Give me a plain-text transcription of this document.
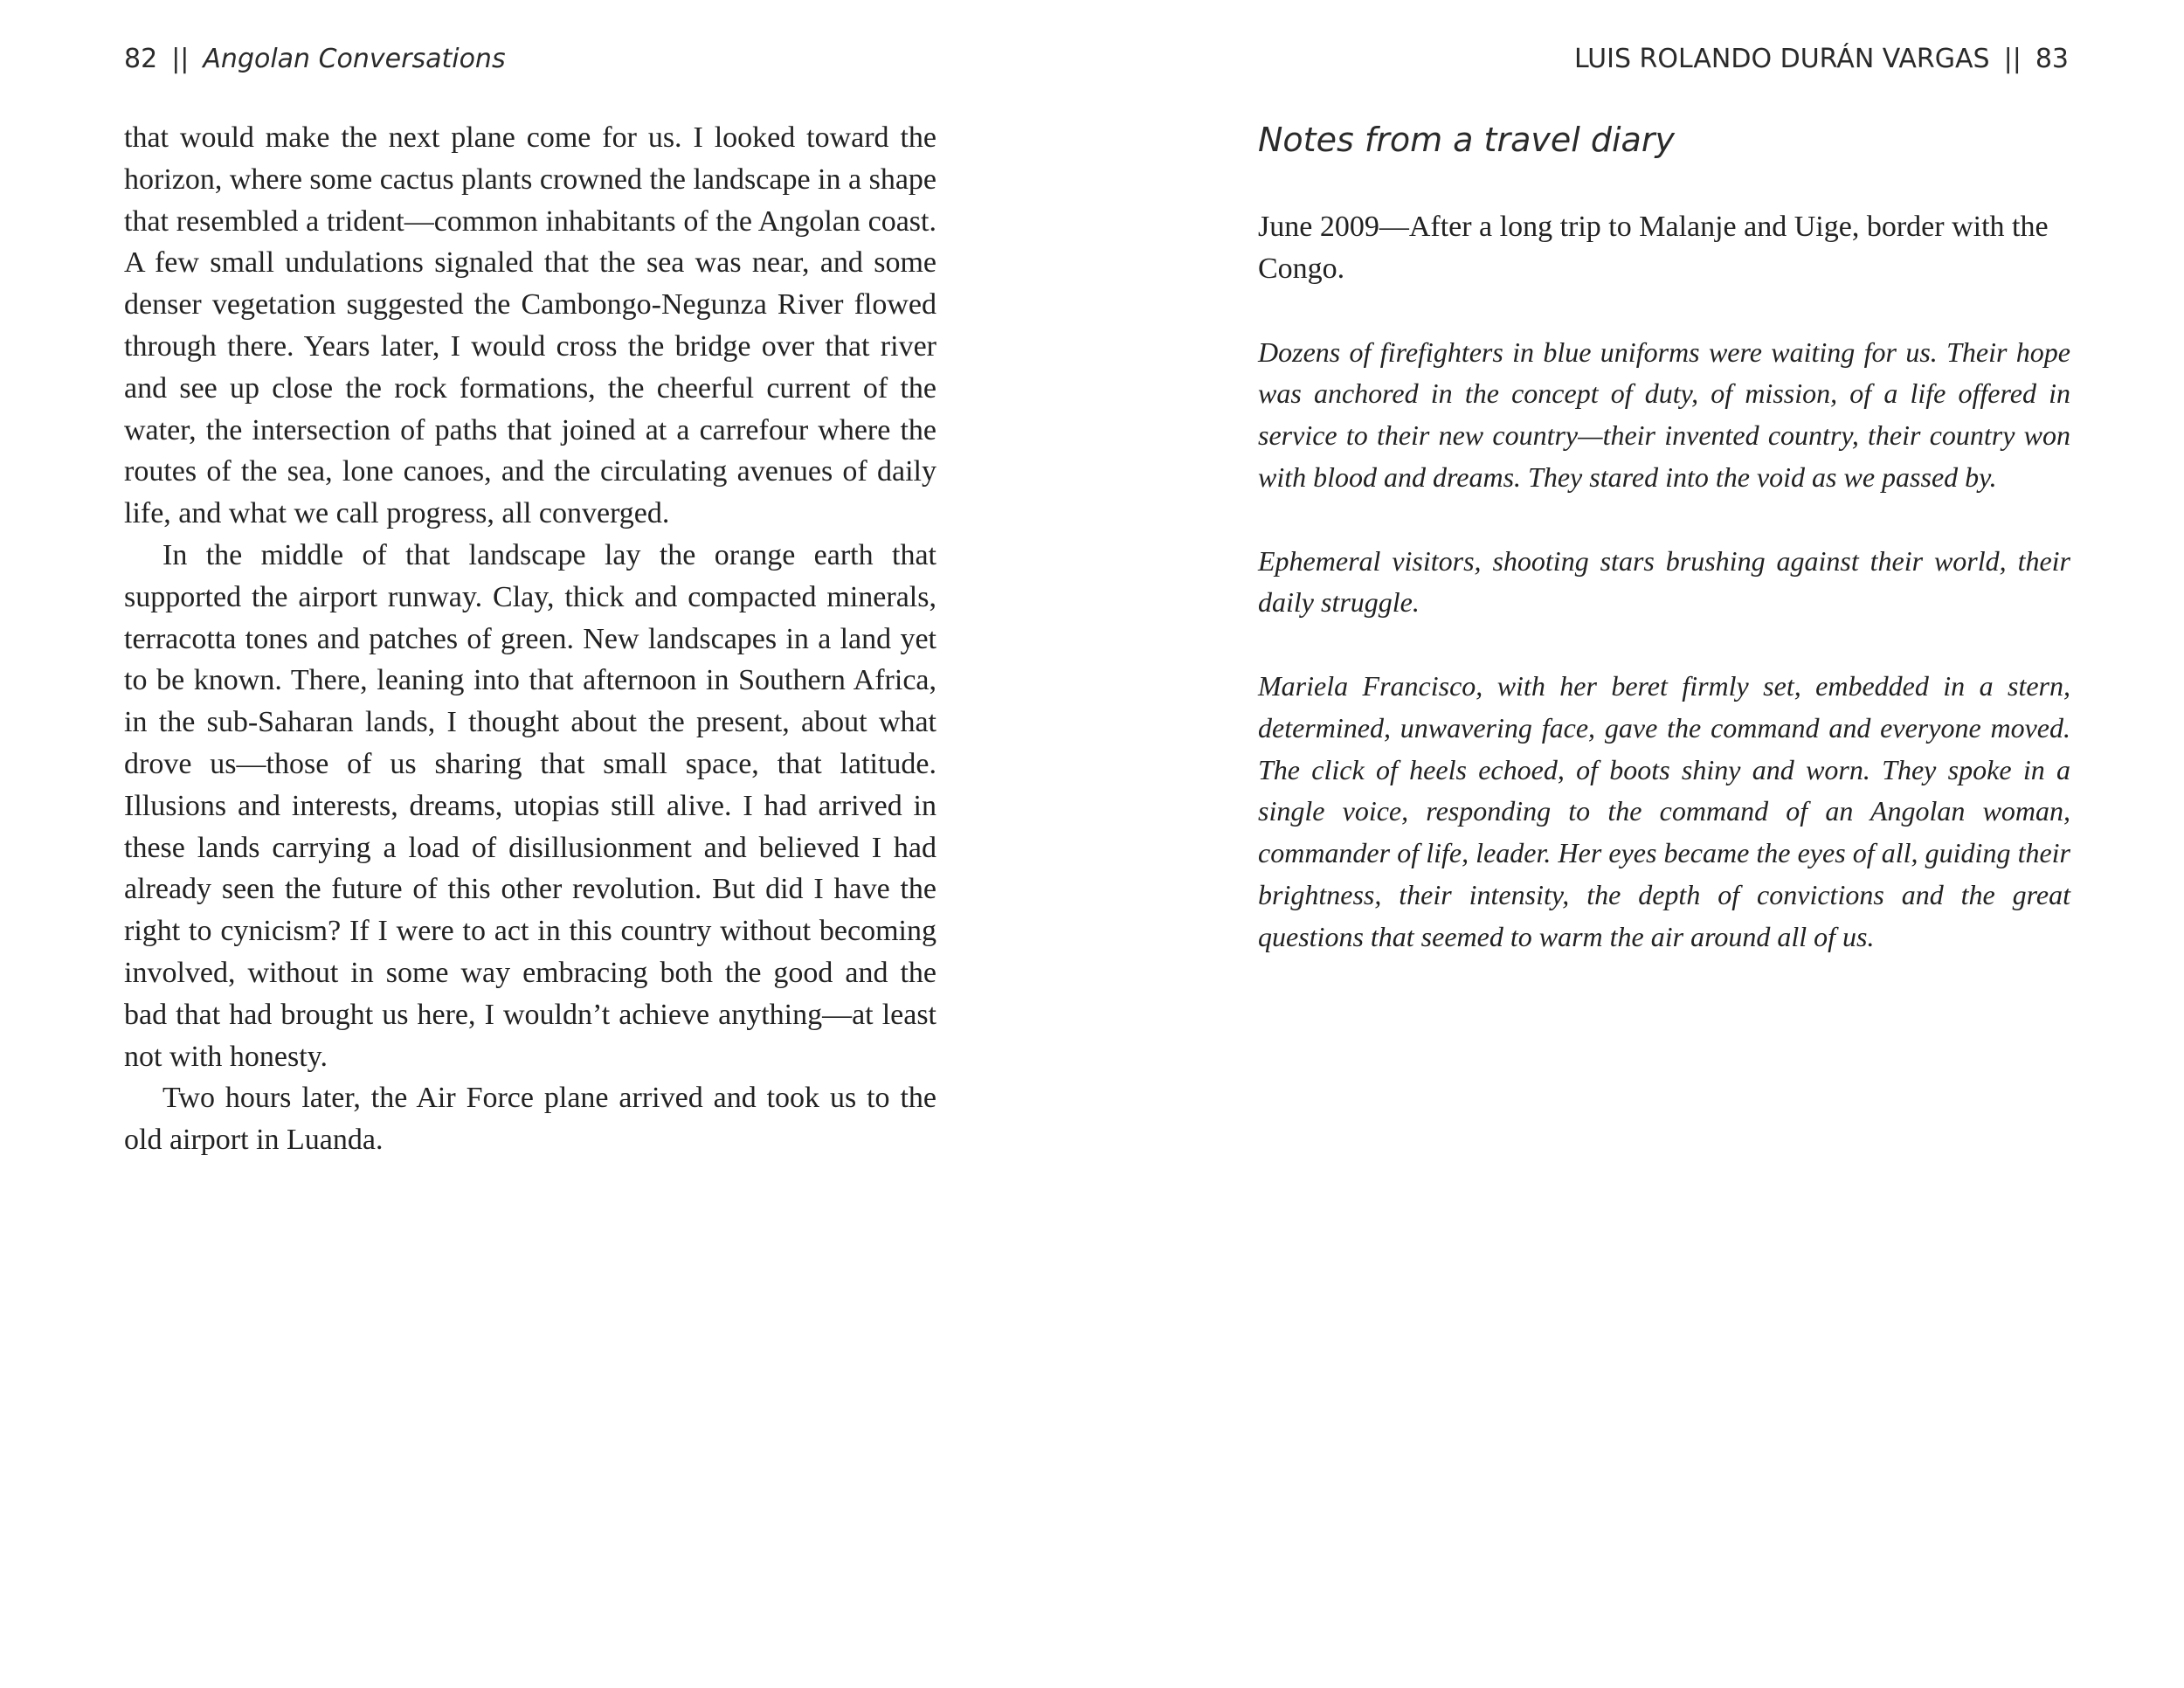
82 || Angolan Conversations

that would make the next plane come for us. I looked toward the horizon, where some cactus plants crowned the landscape in a shape that resembled a trident—common inhabitants of the Angolan coast. A few small undulations signaled that the sea was near, and some denser vegetation suggested the Cambongo-Negunza River flowed through there. Years later, I would cross the bridge over that river and see up close the rock formations, the cheerful current of the water, the intersection of paths that joined at a carrefour where the routes of the sea, lone canoes, and the circulating avenues of daily life, and what we call progress, all converged.

In the middle of that landscape lay the orange earth that supported the airport runway. Clay, thick and compacted minerals, terracotta tones and patches of green. New landscapes in a land yet to be known. There, leaning into that afternoon in Southern Africa, in the sub-Saharan lands, I thought about the present, about what drove us—those of us sharing that small space, that latitude. Illusions and interests, dreams, utopias still alive. I had arrived in these lands carrying a load of disillusionment and believed I had already seen the future of this other revolution. But did I have the right to cynicism? If I were to act in this country without becoming involved, without in some way embracing both the good and the bad that had brought us here, I wouldn’t achieve anything—at least not with honesty.

Two hours later, the Air Force plane arrived and took us to the old airport in Luanda.

LUIS ROLANDO DURÁN VARGAS || 83
Notes from a travel diary

June 2009—After a long trip to Malanje and Uige, border with the Congo.

Dozens of firefighters in blue uniforms were waiting for us. Their hope was anchored in the concept of duty, of mission, of a life offered in service to their new country—their invented country, their country won with blood and dreams. They stared into the void as we passed by.

Ephemeral visitors, shooting stars brushing against their world, their daily struggle.

Mariela Francisco, with her beret firmly set, embedded in a stern, determined, unwavering face, gave the command and everyone moved. The click of heels echoed, of boots shiny and worn. They spoke in a single voice, responding to the command of an Angolan woman, commander of life, leader. Her eyes became the eyes of all, guiding their brightness, their intensity, the depth of convictions and the great questions that seemed to warm the air around all of us.
